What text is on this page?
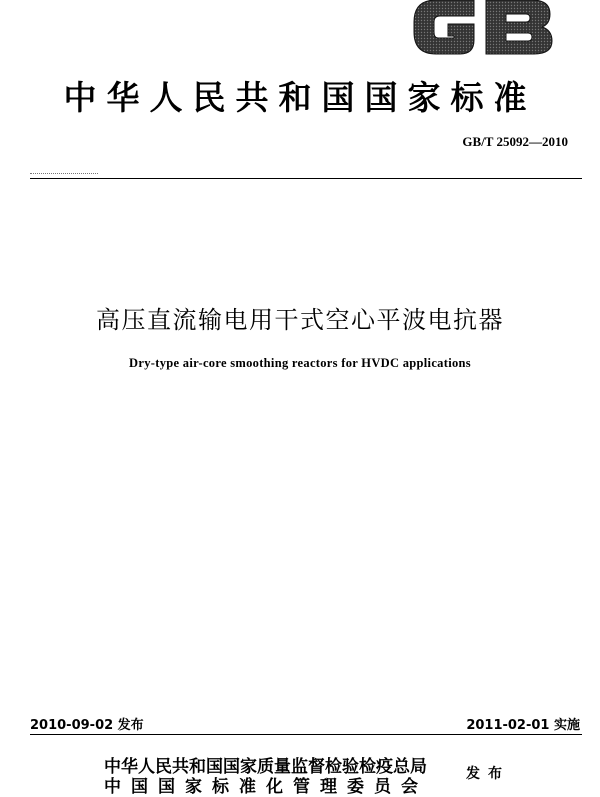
中华人民共和国国家标准
GB/T 25092—2010
高压直流输电用干式空心平波电抗器
Dry-type air-core smoothing reactors for HVDC applications
2010-09-02 发布	2011-02-01 实施
中华人民共和国国家质量监督检验检疫总局
中国国家标准化管理委员会
发布
